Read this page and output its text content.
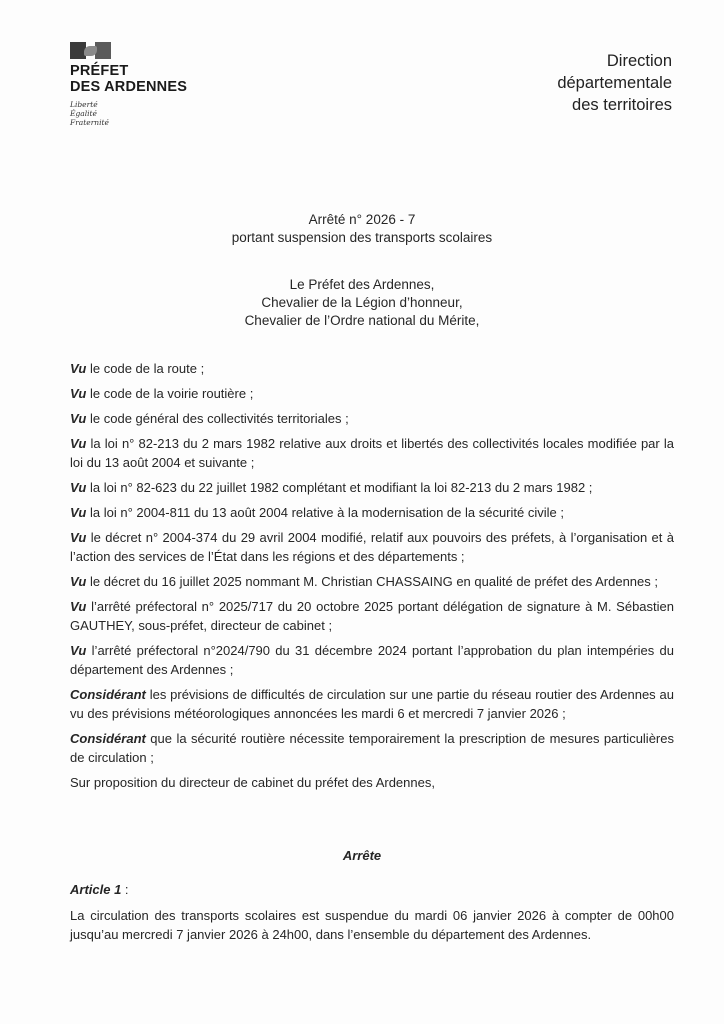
PRÉFET
DES ARDENNES
Liberté
Égalité
Fraternité
Direction
départementale
des territoires
Arrêté n° 2026 - 7
portant suspension des transports scolaires
Le Préfet des Ardennes,
Chevalier de la Légion d’honneur,
Chevalier de l’Ordre national du Mérite,

Vu le code de la route ;

Vu le code de la voirie routière ;

Vu le code général des collectivités territoriales ;

Vu la loi n° 82-213 du 2 mars 1982 relative aux droits et libertés des collectivités locales modifiée par la loi du 13 août 2004 et suivante ;

Vu la loi n° 82-623 du 22 juillet 1982 complétant et modifiant la loi 82-213 du 2 mars 1982 ;

Vu la loi n° 2004-811 du 13 août 2004 relative à la modernisation de la sécurité civile ;

Vu le décret n° 2004-374 du 29 avril 2004 modifié, relatif aux pouvoirs des préfets, à l’organisation et à l’action des services de l’État dans les régions et des départements ;

Vu le décret du 16 juillet 2025 nommant M. Christian CHASSAING en qualité de préfet des Ardennes ;

Vu l’arrêté préfectoral n° 2025/717 du 20 octobre 2025 portant délégation de signature à M. Sébastien GAUTHEY, sous-préfet, directeur de cabinet ;

Vu l’arrêté préfectoral n°2024/790 du 31 décembre 2024 portant l’approbation du plan intempéries du département des Ardennes ;

Considérant les prévisions de difficultés de circulation sur une partie du réseau routier des Ardennes au vu des prévisions météorologiques annoncées les mardi 6 et mercredi 7 janvier 2026 ;

Considérant que la sécurité routière nécessite temporairement la prescription de mesures particulières de circulation ;

Sur proposition du directeur de cabinet du préfet des Ardennes,

Arrête
Article 1 :
La circulation des transports scolaires est suspendue du mardi 06 janvier 2026 à compter de 00h00 jusqu’au mercredi 7 janvier 2026 à 24h00, dans l’ensemble du département des Ardennes.
